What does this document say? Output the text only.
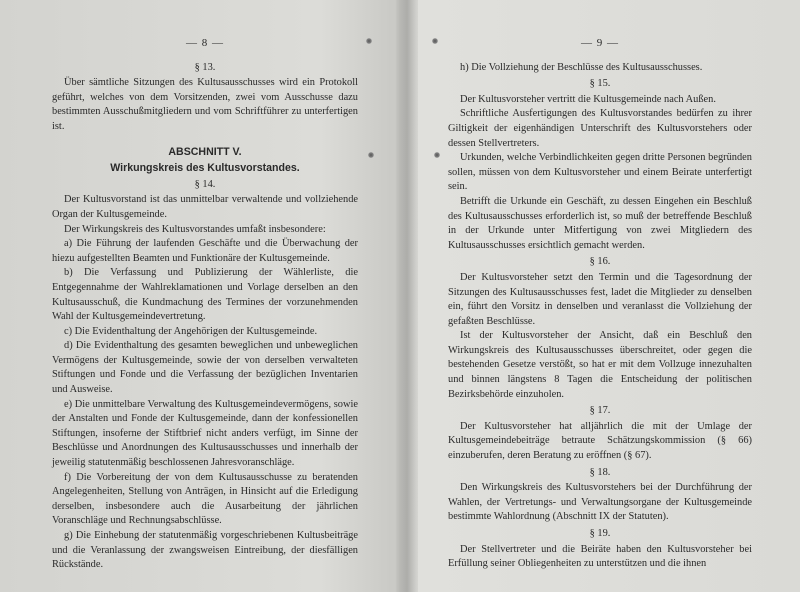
— 8 —
§ 13.

Über sämtliche Sitzungen des Kultusausschusses wird ein Protokoll geführt, welches von dem Vorsitzenden, zwei vom Ausschusse dazu bestimmten Ausschußmitgliedern und vom Schriftführer zu unterfertigen ist.

ABSCHNITT V.
Wirkungskreis des Kultusvorstandes.
§ 14.

Der Kultusvorstand ist das unmittelbar verwaltende und vollziehende Organ der Kultusgemeinde.

Der Wirkungskreis des Kultusvorstandes umfaßt insbesondere:

a) Die Führung der laufenden Geschäfte und die Überwachung der hiezu aufgestellten Beamten und Funktionäre der Kultusgemeinde.

b) Die Verfassung und Publizierung der Wählerliste, die Entgegennahme der Wahlreklamationen und Vorlage derselben an den Kultusausschuß, die Kundmachung des Termines der vorzunehmenden Wahl der Kultusgemeindevertretung.

c) Die Evidenthaltung der Angehörigen der Kultusgemeinde.

d) Die Evidenthaltung des gesamten beweglichen und unbeweglichen Vermögens der Kultusgemeinde, sowie der von derselben verwalteten Stiftungen und Fonde und die Verfassung der bezüglichen Inventarien und Ausweise.

e) Die unmittelbare Verwaltung des Kultusgemeindevermögens, sowie der Anstalten und Fonde der Kultusgemeinde, dann der konfessionellen Stiftungen, insoferne der Stiftbrief nicht anders verfügt, im Sinne der Beschlüsse und Anordnungen des Kultusausschusses und innerhalb der jeweilig statutenmäßig beschlossenen Jahresvoranschläge.

f) Die Vorbereitung der von dem Kultusausschusse zu beratenden Angelegenheiten, Stellung von Anträgen, in Hinsicht auf die Erledigung derselben, insbesondere auch die Ausarbeitung der jährlichen Voranschläge und Rechnungsabschlüsse.

g) Die Einhebung der statutenmäßig vorgeschriebenen Kultusbeiträge und die Veranlassung der zwangsweisen Eintreibung, der diesfälligen Rückstände.

— 9 —

h) Die Vollziehung der Beschlüsse des Kultusausschusses.

§ 15.

Der Kultusvorsteher vertritt die Kultusgemeinde nach Außen.

Schriftliche Ausfertigungen des Kultusvorstandes bedürfen zu ihrer Giltigkeit der eigenhändigen Unterschrift des Kultusvorstehers oder dessen Stellvertreters.

Urkunden, welche Verbindlichkeiten gegen dritte Personen begründen sollen, müssen von dem Kultusvorsteher und einem Beirate unterfertigt sein.

Betrifft die Urkunde ein Geschäft, zu dessen Eingehen ein Beschluß des Kultusausschusses erforderlich ist, so muß der betreffende Beschluß in der Urkunde unter Mitfertigung von zwei Mitgliedern des Kultusausschusses ersichtlich gemacht werden.

§ 16.

Der Kultusvorsteher setzt den Termin und die Tagesordnung der Sitzungen des Kultusausschusses fest, ladet die Mitglieder zu denselben ein, führt den Vorsitz in denselben und veranlasst die Vollziehung der gefaßten Beschlüsse.

Ist der Kultusvorsteher der Ansicht, daß ein Beschluß den Wirkungskreis des Kultusausschusses überschreitet, oder gegen die bestehenden Gesetze verstößt, so hat er mit dem Vollzuge innezuhalten und binnen längstens 8 Tagen die Entscheidung der politischen Bezirksbehörde einzuholen.

§ 17.

Der Kultusvorsteher hat alljährlich die mit der Umlage der Kultusgemeindebeiträge betraute Schätzungskommission (§ 66) einzuberufen, deren Beratung zu eröffnen (§ 67).

§ 18.

Den Wirkungskreis des Kultusvorstehers bei der Durchführung der Wahlen, der Vertretungs- und Verwaltungsorgane der Kultusgemeinde bestimmte Wahlordnung (Abschnitt IX der Statuten).

§ 19.

Der Stellvertreter und die Beiräte haben den Kultusvorsteher bei Erfüllung seiner Obliegenheiten zu unterstützen und die ihnen
